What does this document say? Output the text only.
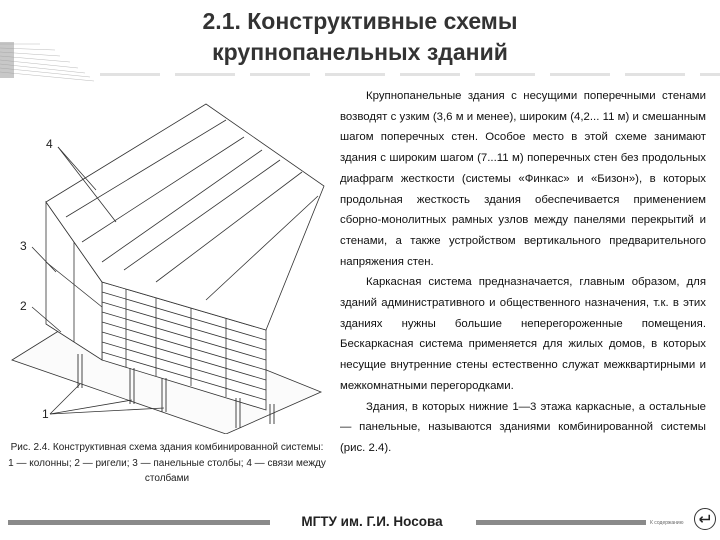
2.1. Конструктивные схемы
крупнопанельных зданий
4
3
2
1
Рис. 2.4. Конструктивная схема здания комбинированной системы: 1 — колонны; 2 — ригели; 3 — панельные столбы; 4 — связи между столбами

Крупнопанельные здания с несущими поперечными стенами возводят с узким (3,6 м и менее), широким (4,2... 11 м) и смешанным шагом поперечных стен. Особое место в этой схеме занимают здания с широким шагом (7...11 м) поперечных стен без продольных диафрагм жесткости (системы «Финкас» и «Бизон»), в которых продольная жесткость здания обеспечивается применением сборно-монолитных рамных узлов между панелями перекрытий и стенами, а также устройством вертикального предварительного напряжения стен.

Каркасная система предназначается, главным образом, для зданий административного и общественного назначения, т.к. в этих зданиях нужны большие неперегороженные помещения. Бескаркасная система применяется для жилых домов, в которых несущие внутренние стены естественно служат межквартирными и межкомнатными перегородками.

Здания, в которых нижние 1—3 этажа каркасные, а остальные — панельные, называются зданиями комбинированной системы (рис. 2.4).

МГТУ им. Г.И. Носова	К содержанию
